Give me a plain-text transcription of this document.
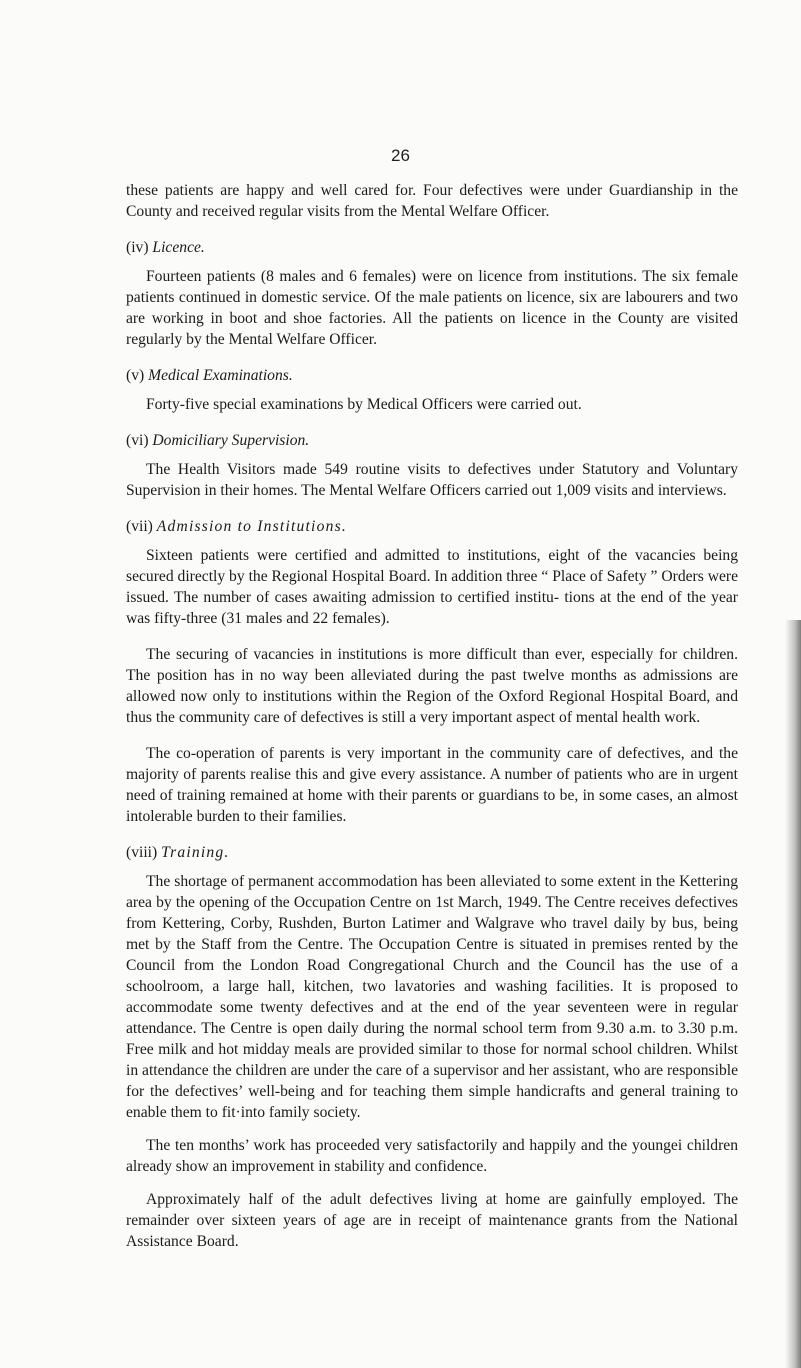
26

these patients are happy and well cared for. Four defectives were under Guardianship in the County and received regular visits from the Mental Welfare Officer.

(iv) Licence.

Fourteen patients (8 males and 6 females) were on licence from institutions. The six female patients continued in domestic service. Of the male patients on licence, six are labourers and two are working in boot and shoe factories. All the patients on licence in the County are visited regularly by the Mental Welfare Officer.

(v) Medical Examinations.

Forty-five special examinations by Medical Officers were carried out.

(vi) Domiciliary Supervision.

The Health Visitors made 549 routine visits to defectives under Statutory and Voluntary Supervision in their homes. The Mental Welfare Officers carried out 1,009 visits and interviews.

(vii) Admission to Institutions.

Sixteen patients were certified and admitted to institutions, eight of the vacancies being secured directly by the Regional Hospital Board. In addition three “ Place of Safety ” Orders were issued. The number of cases awaiting admission to certified institu- tions at the end of the year was fifty-three (31 males and 22 females).

The securing of vacancies in institutions is more difficult than ever, especially for children. The position has in no way been alleviated during the past twelve months as admissions are allowed now only to institutions within the Region of the Oxford Regional Hospital Board, and thus the community care of defectives is still a very important aspect of mental health work.

The co-operation of parents is very important in the community care of defectives, and the majority of parents realise this and give every assistance. A number of patients who are in urgent need of training remained at home with their parents or guardians to be, in some cases, an almost intolerable burden to their families.

(viii) Training.

The shortage of permanent accommodation has been alleviated to some extent in the Kettering area by the opening of the Occupation Centre on 1st March, 1949. The Centre receives defectives from Kettering, Corby, Rushden, Burton Latimer and Walgrave who travel daily by bus, being met by the Staff from the Centre. The Occupation Centre is situated in premises rented by the Council from the London Road Congregational Church and the Council has the use of a schoolroom, a large hall, kitchen, two lavatories and washing facilities. It is proposed to accommodate some twenty defectives and at the end of the year seventeen were in regular attendance. The Centre is open daily during the normal school term from 9.30 a.m. to 3.30 p.m. Free milk and hot midday meals are provided similar to those for normal school children. Whilst in attendance the children are under the care of a supervisor and her assistant, who are responsible for the defectives’ well-being and for teaching them simple handicrafts and general training to enable them to fit·into family society.

The ten months’ work has proceeded very satisfactorily and happily and the youngei children already show an improvement in stability and confidence.

Approximately half of the adult defectives living at home are gainfully employed. The remainder over sixteen years of age are in receipt of maintenance grants from the National Assistance Board.
